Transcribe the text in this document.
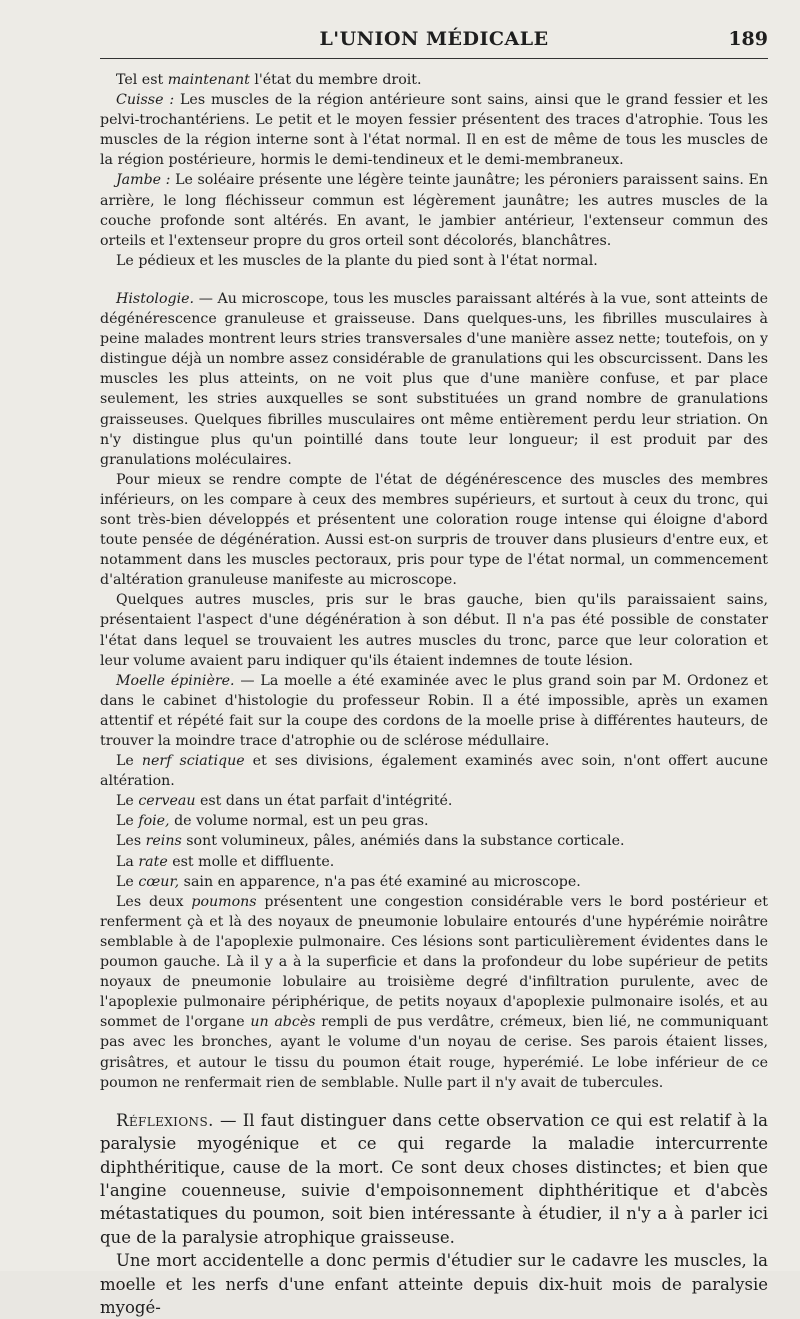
L'UNION MÉDICALE	189

Tel est maintenant l'état du membre droit.

Cuisse : Les muscles de la région antérieure sont sains, ainsi que le grand fessier et les pelvi-trochantériens. Le petit et le moyen fessier présentent des traces d'atrophie. Tous les muscles de la région interne sont à l'état normal. Il en est de même de tous les muscles de la région postérieure, hormis le demi-tendineux et le demi-membraneux.

Jambe : Le soléaire présente une légère teinte jaunâtre; les péroniers paraissent sains. En arrière, le long fléchisseur commun est légèrement jaunâtre; les autres muscles de la couche profonde sont altérés. En avant, le jambier antérieur, l'extenseur commun des orteils et l'extenseur propre du gros orteil sont décolorés, blanchâtres.

Le pédieux et les muscles de la plante du pied sont à l'état normal.

Histologie. — Au microscope, tous les muscles paraissant altérés à la vue, sont atteints de dégénérescence granuleuse et graisseuse. Dans quelques-uns, les fibrilles musculaires à peine malades montrent leurs stries transversales d'une manière assez nette; toutefois, on y distingue déjà un nombre assez considérable de granulations qui les obscurcissent. Dans les muscles les plus atteints, on ne voit plus que d'une manière confuse, et par place seulement, les stries auxquelles se sont substituées un grand nombre de granulations graisseuses. Quelques fibrilles musculaires ont même entièrement perdu leur striation. On n'y distingue plus qu'un pointillé dans toute leur longueur; il est produit par des granulations moléculaires.

Pour mieux se rendre compte de l'état de dégénérescence des muscles des membres inférieurs, on les compare à ceux des membres supérieurs, et surtout à ceux du tronc, qui sont très-bien développés et présentent une coloration rouge intense qui éloigne d'abord toute pensée de dégénération. Aussi est-on surpris de trouver dans plusieurs d'entre eux, et notamment dans les muscles pectoraux, pris pour type de l'état normal, un commencement d'altération granuleuse manifeste au microscope.

Quelques autres muscles, pris sur le bras gauche, bien qu'ils paraissaient sains, présentaient l'aspect d'une dégénération à son début. Il n'a pas été possible de constater l'état dans lequel se trouvaient les autres muscles du tronc, parce que leur coloration et leur volume avaient paru indiquer qu'ils étaient indemnes de toute lésion.

Moelle épinière. — La moelle a été examinée avec le plus grand soin par M. Ordonez et dans le cabinet d'histologie du professeur Robin. Il a été impossible, après un examen attentif et répété fait sur la coupe des cordons de la moelle prise à différentes hauteurs, de trouver la moindre trace d'atrophie ou de sclérose médullaire.

Le nerf sciatique et ses divisions, également examinés avec soin, n'ont offert aucune altération.

Le cerveau est dans un état parfait d'intégrité.

Le foie, de volume normal, est un peu gras.

Les reins sont volumineux, pâles, anémiés dans la substance corticale.

La rate est molle et diffluente.

Le cœur, sain en apparence, n'a pas été examiné au microscope.

Les deux poumons présentent une congestion considérable vers le bord postérieur et renferment çà et là des noyaux de pneumonie lobulaire entourés d'une hypérémie noirâtre semblable à de l'apoplexie pulmonaire. Ces lésions sont particulièrement évidentes dans le poumon gauche. Là il y a à la superficie et dans la profondeur du lobe supérieur de petits noyaux de pneumonie lobulaire au troisième degré d'infiltration purulente, avec de l'apoplexie pulmonaire périphérique, de petits noyaux d'apoplexie pulmonaire isolés, et au sommet de l'organe un abcès rempli de pus verdâtre, crémeux, bien lié, ne communiquant pas avec les bronches, ayant le volume d'un noyau de cerise. Ses parois étaient lisses, grisâtres, et autour le tissu du poumon était rouge, hyperémié. Le lobe inférieur de ce poumon ne renfermait rien de semblable. Nulle part il n'y avait de tubercules.

Réflexions. — Il faut distinguer dans cette observation ce qui est relatif à la paralysie myogénique et ce qui regarde la maladie intercurrente diphthéritique, cause de la mort. Ce sont deux choses distinctes; et bien que l'angine couenneuse, suivie d'empoisonnement diphthéritique et d'abcès métastatiques du poumon, soit bien intéressante à étudier, il n'y a à parler ici que de la paralysie atrophique graisseuse.

Une mort accidentelle a donc permis d'étudier sur le cadavre les muscles, la moelle et les nerfs d'une enfant atteinte depuis dix-huit mois de paralysie myogé-
